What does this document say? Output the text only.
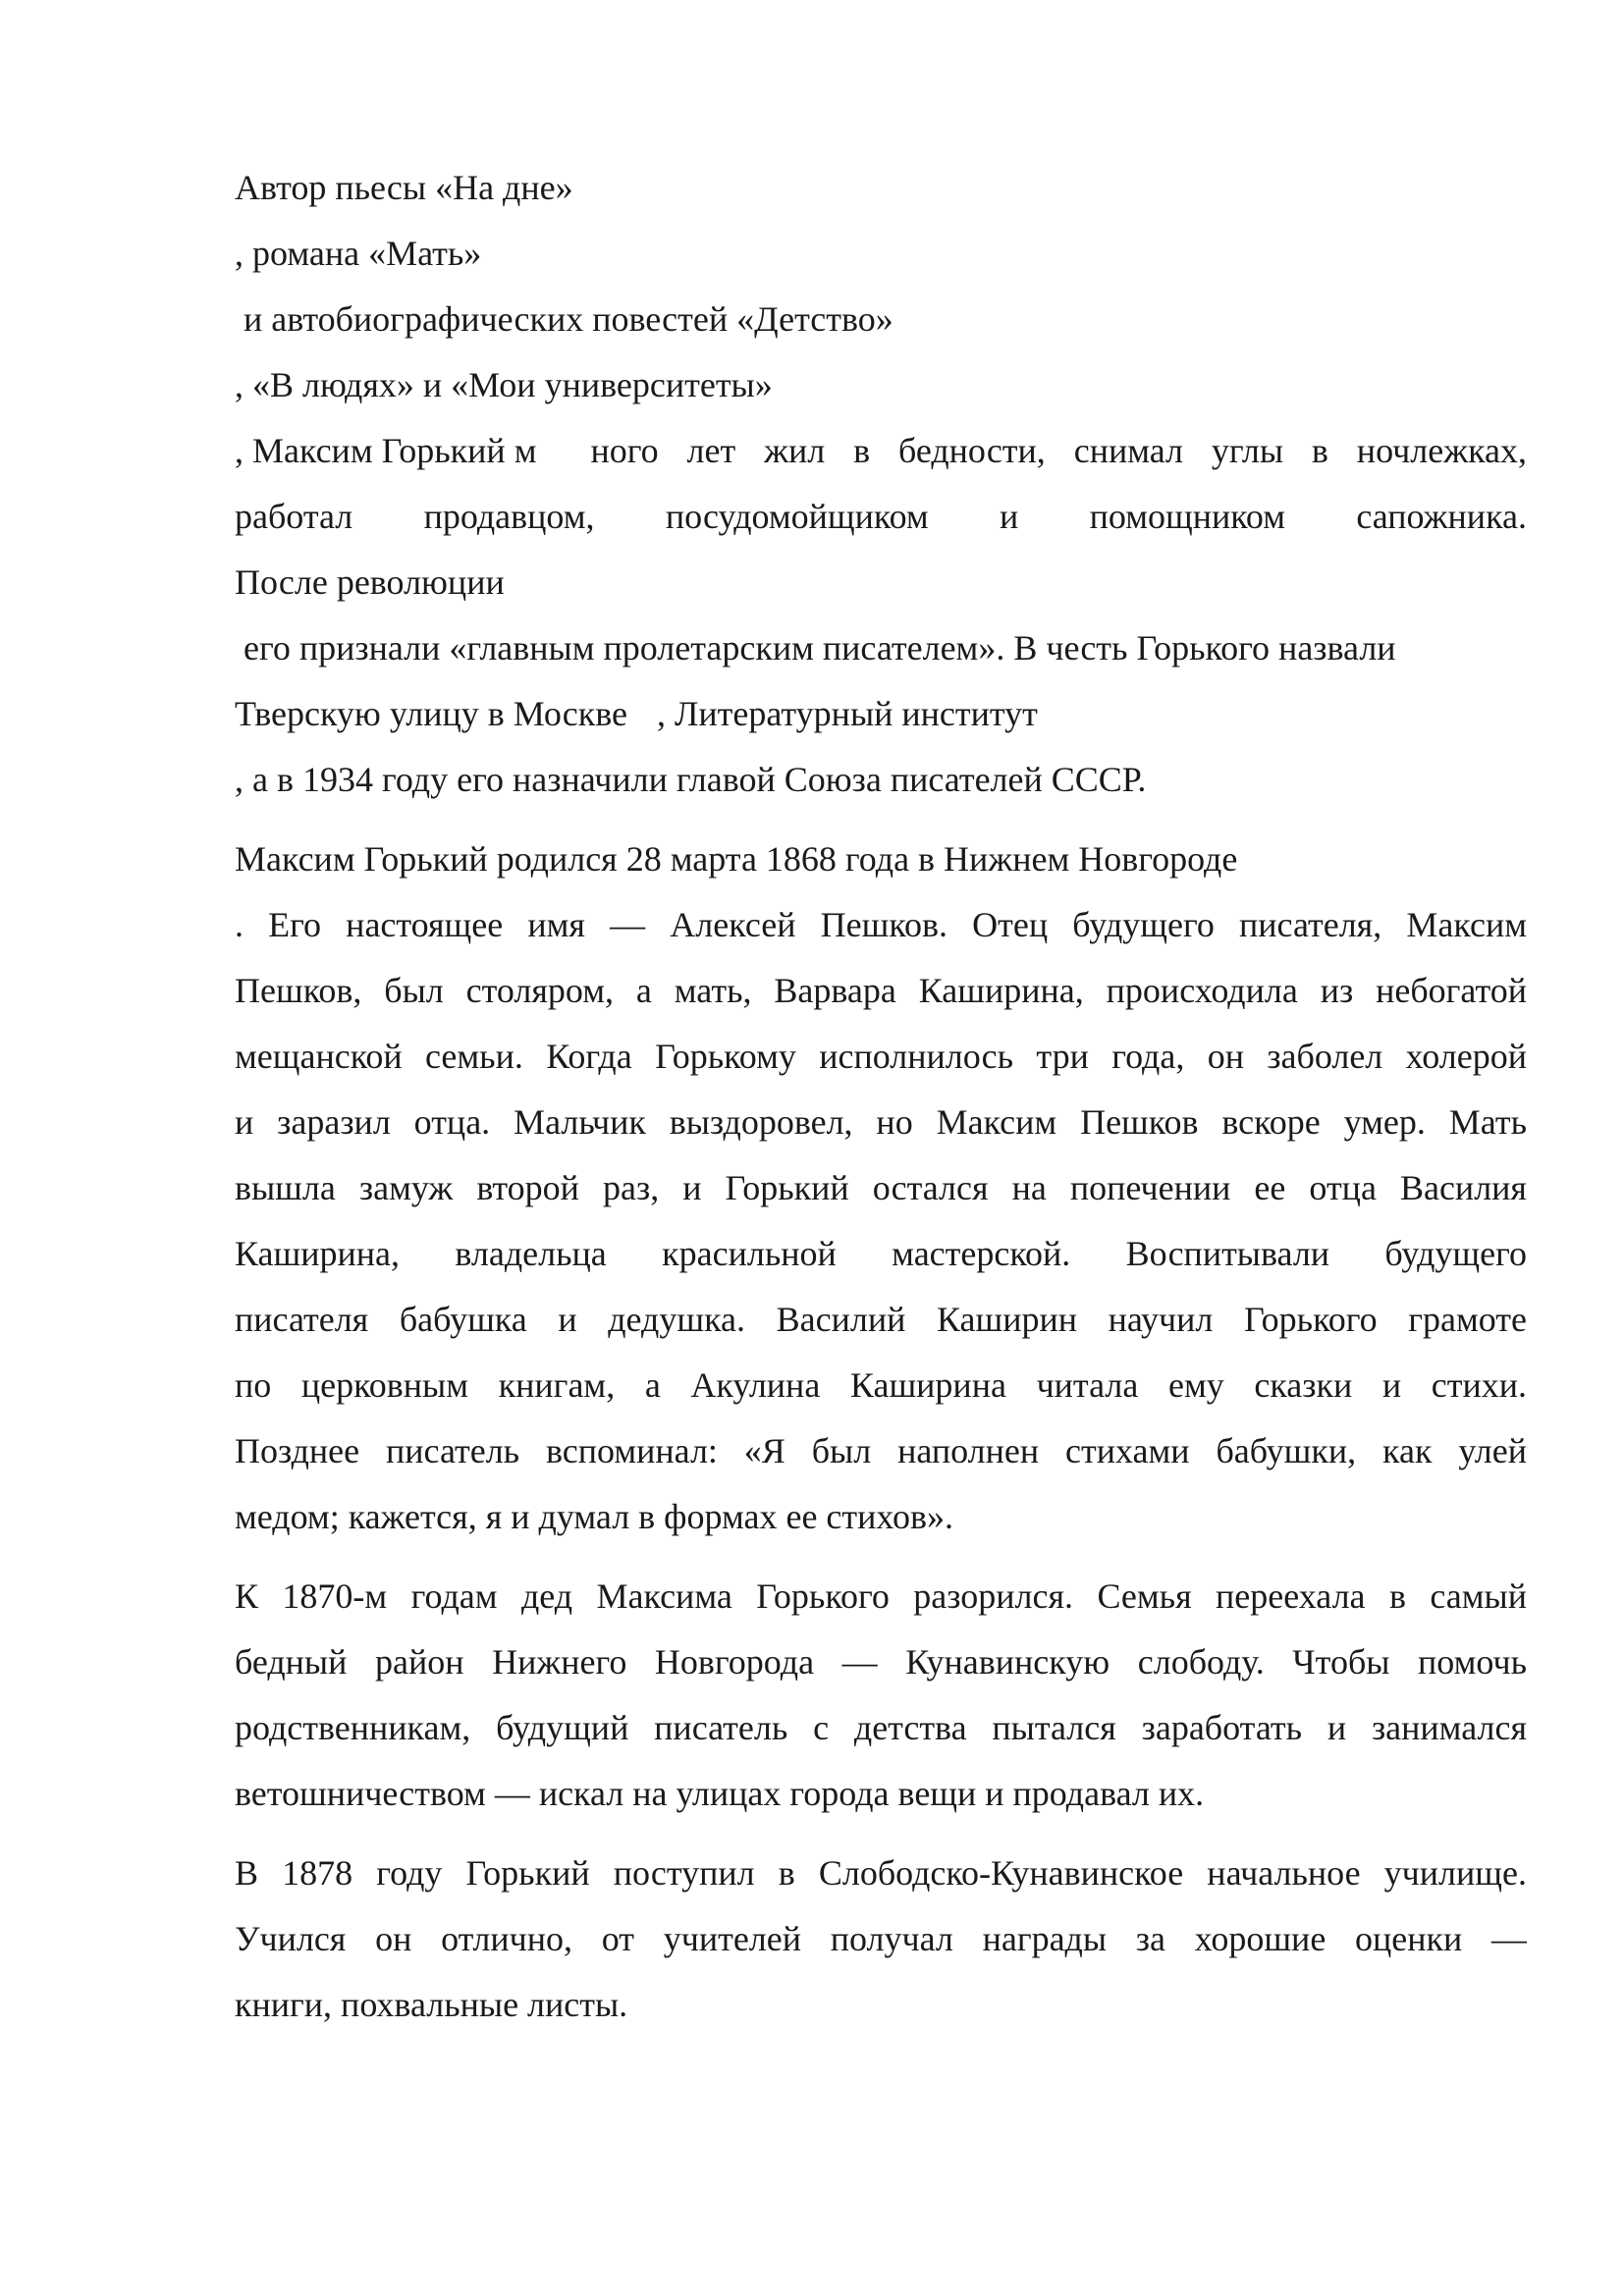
Автор пьесы «На дне»
, романа «Мать»
и автобиографических повестей «Детство»
, «В людях» и «Мои университеты»
, Максим Горький м ного лет жил в бедности, снимал углы в ночлежках,
работал продавцом, посудомойщиком и помощником сапожника.
После революции
его признали «главным пролетарским писателем». В честь Горького назвали
Тверскую улицу в Москве , Литературный институт
, а в 1934 году его назначили главой Союза писателей СССР.
Максим Горький родился 28 марта 1868 года в Нижнем Новгороде
. Его настоящее имя — Алексей Пешков. Отец будущего писателя, Максим
Пешков, был столяром, а мать, Варвара Каширина, происходила из небогатой
мещанской семьи. Когда Горькому исполнилось три года, он заболел холерой
и заразил отца. Мальчик выздоровел, но Максим Пешков вскоре умер. Мать
вышла замуж второй раз, и Горький остался на попечении ее отца Василия
Каширина, владельца красильной мастерской. Воспитывали будущего
писателя бабушка и дедушка. Василий Каширин научил Горького грамоте
по церковным книгам, а Акулина Каширина читала ему сказки и стихи.
Позднее писатель вспоминал: «Я был наполнен стихами бабушки, как улей
медом; кажется, я и думал в формах ее стихов».
К 1870-м годам дед Максима Горького разорился. Семья переехала в самый
бедный район Нижнего Новгорода — Кунавинскую слободу. Чтобы помочь
родственникам, будущий писатель с детства пытался заработать и занимался
ветошничеством — искал на улицах города вещи и продавал их.
В 1878 году Горький поступил в Слободско-Кунавинское начальное училище.
Учился он отлично, от учителей получал награды за хорошие оценки —
книги, похвальные листы.
